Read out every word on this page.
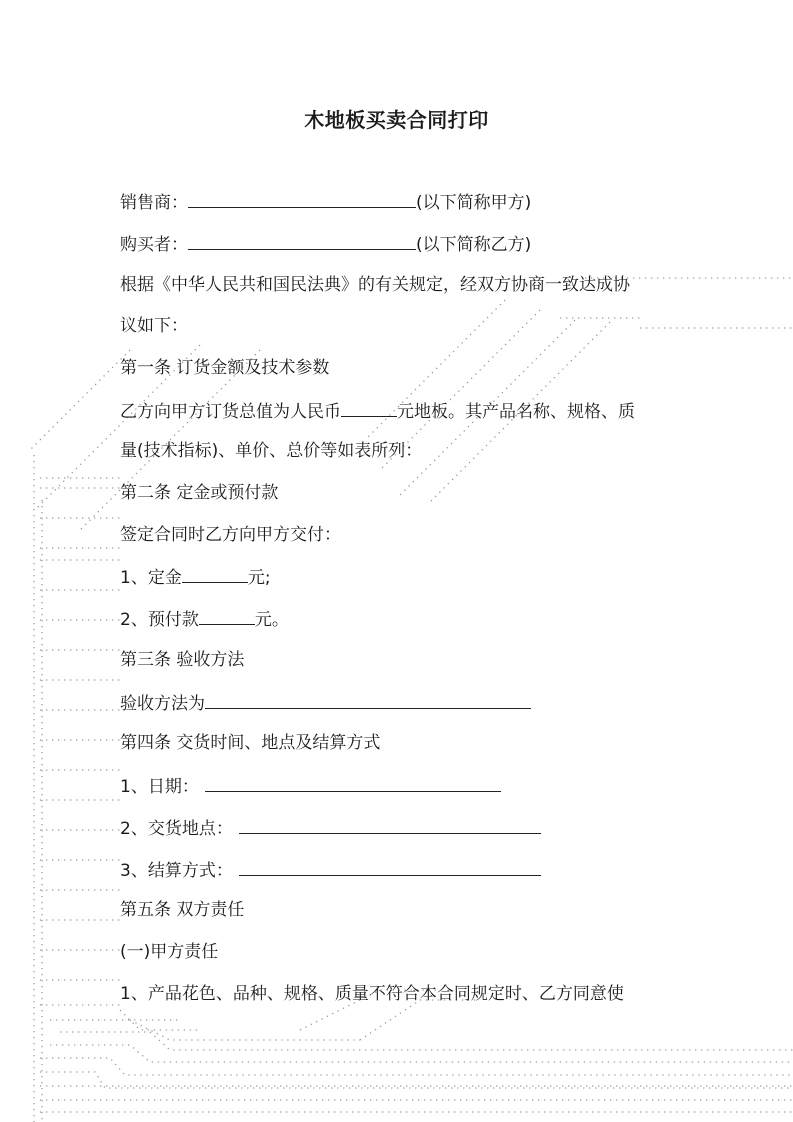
木地板买卖合同打印
销售商：	(以下简称甲方)
购买者：	(以下简称乙方)
根据《中华人民共和国民法典》的有关规定，经双方协商一致达成协
议如下：
第一条 订货金额及技术参数
乙方向甲方订货总值为人民币	元地板。其产品名称、规格、质
量(技术指标)、单价、总价等如表所列：
第二条 定金或预付款
签定合同时乙方向甲方交付：
1、定金	元;
2、预付款	元。
第三条 验收方法
验收方法为
第四条 交货时间、地点及结算方式
1、日期：
2、交货地点：
3、结算方式：
第五条 双方责任
(一)甲方责任
1、产品花色、品种、规格、质量不符合本合同规定时、乙方同意使
